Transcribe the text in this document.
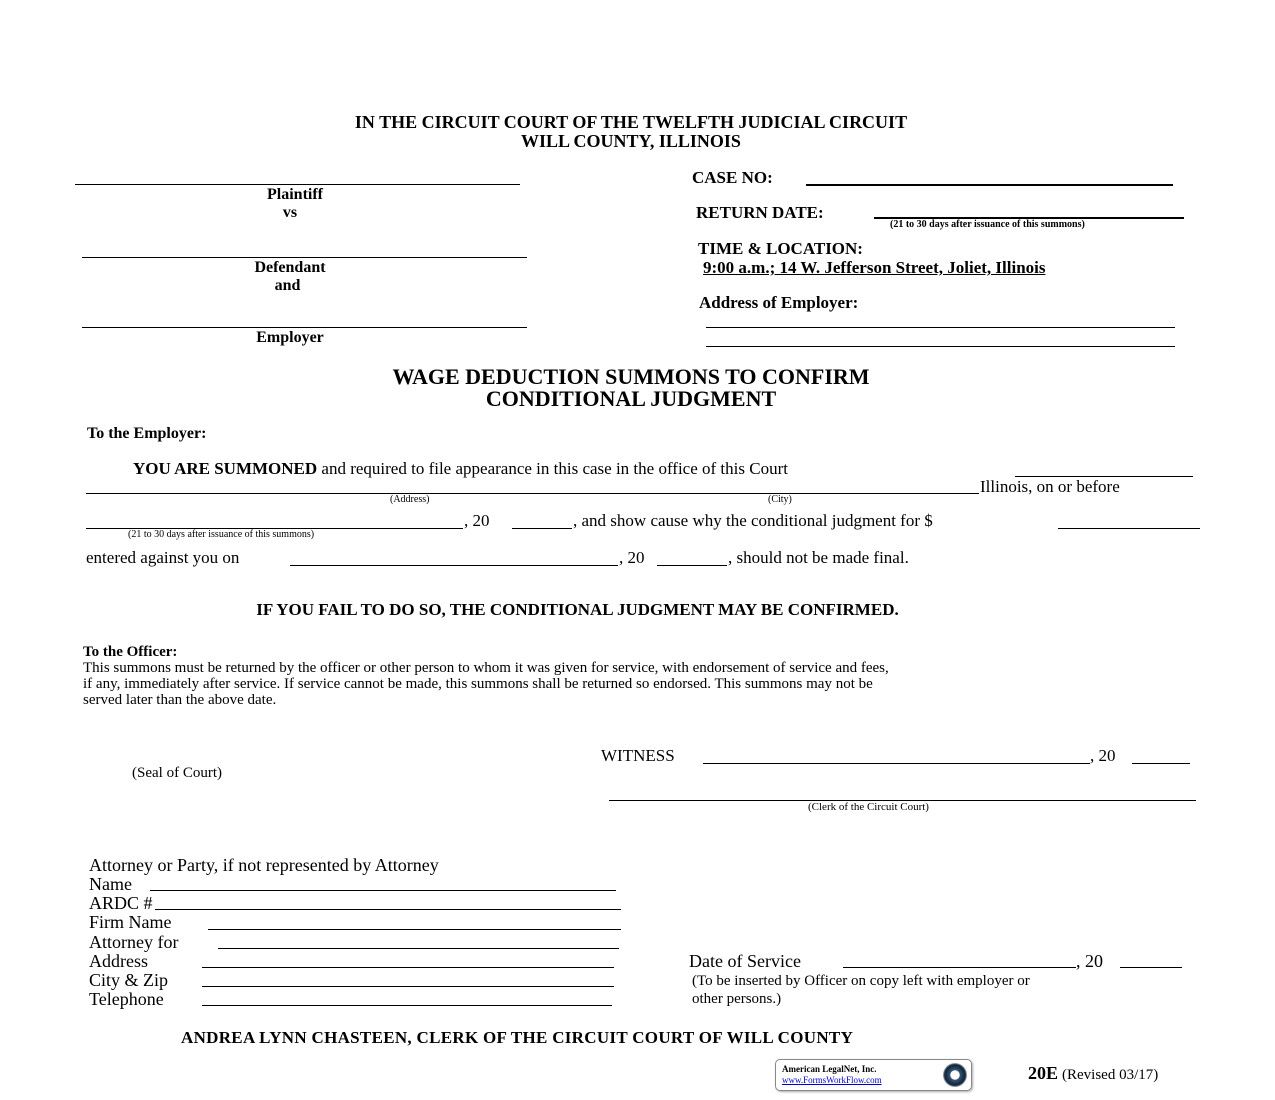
IN THE CIRCUIT COURT OF THE TWELFTH JUDICIAL CIRCUIT
WILL COUNTY, ILLINOIS
Plaintiff
vs
Defendant
and
Employer
CASE NO:
RETURN DATE:
(21 to 30 days after issuance of this summons)
TIME & LOCATION:
9:00 a.m.; 14 W. Jefferson Street, Joliet, Illinois
Address of Employer:
WAGE DEDUCTION SUMMONS TO CONFIRM
CONDITIONAL JUDGMENT
To the Employer:
YOU ARE SUMMONED and required to file appearance in this case in the office of this Court
Illinois, on or before
(Address)	(City)
(21 to 30 days after issuance of this summons)
, 20	, and show cause why the conditional judgment for $
entered against you on	, 20	, should not be made final.
IF YOU FAIL TO DO SO, THE CONDITIONAL JUDGMENT MAY BE CONFIRMED.
To the Officer:
This summons must be returned by the officer or other person to whom it was given for service, with endorsement of service and fees,
if any, immediately after service. If service cannot be made, this summons shall be returned so endorsed. This summons may not be
served later than the above date.
WITNESS	, 20
(Seal of Court)
(Clerk of the Circuit Court)
Attorney or Party, if not represented by Attorney
Name
ARDC #
Firm Name
Attorney for
Address
City & Zip
Telephone
Date of Service	, 20
(To be inserted by Officer on copy left with employer or
other persons.)
ANDREA LYNN CHASTEEN, CLERK OF THE CIRCUIT COURT OF WILL COUNTY
American LegalNet, Inc.
www.FormsWorkFlow.com	20E (Revised 03/17)
